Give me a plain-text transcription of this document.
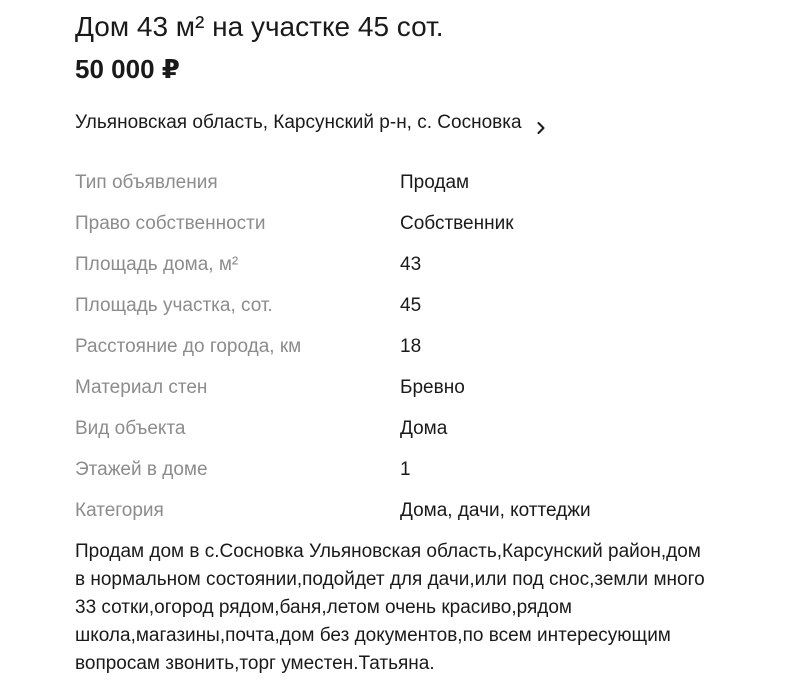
Дом 43 м² на участке 45 сот.
50 000 ₽
Ульяновская область, Карсунский р-н, с. Сосновка
Тип объявления	Продам
Право собственности	Собственник
Площадь дома, м²	43
Площадь участка, сот.	45
Расстояние до города, км	18
Материал стен	Бревно
Вид объекта	Дома
Этажей в доме	1
Категория	Дома, дачи, коттеджи
Продам дом в с.Сосновка Ульяновская область,Карсунский район,дом в нормальном состоянии,подойдет для дачи,или под снос,земли много 33 сотки,огород рядом,баня,летом очень красиво,рядом школа,магазины,почта,дом без документов,по всем интересующим вопросам звонить,торг уместен.Татьяна.
